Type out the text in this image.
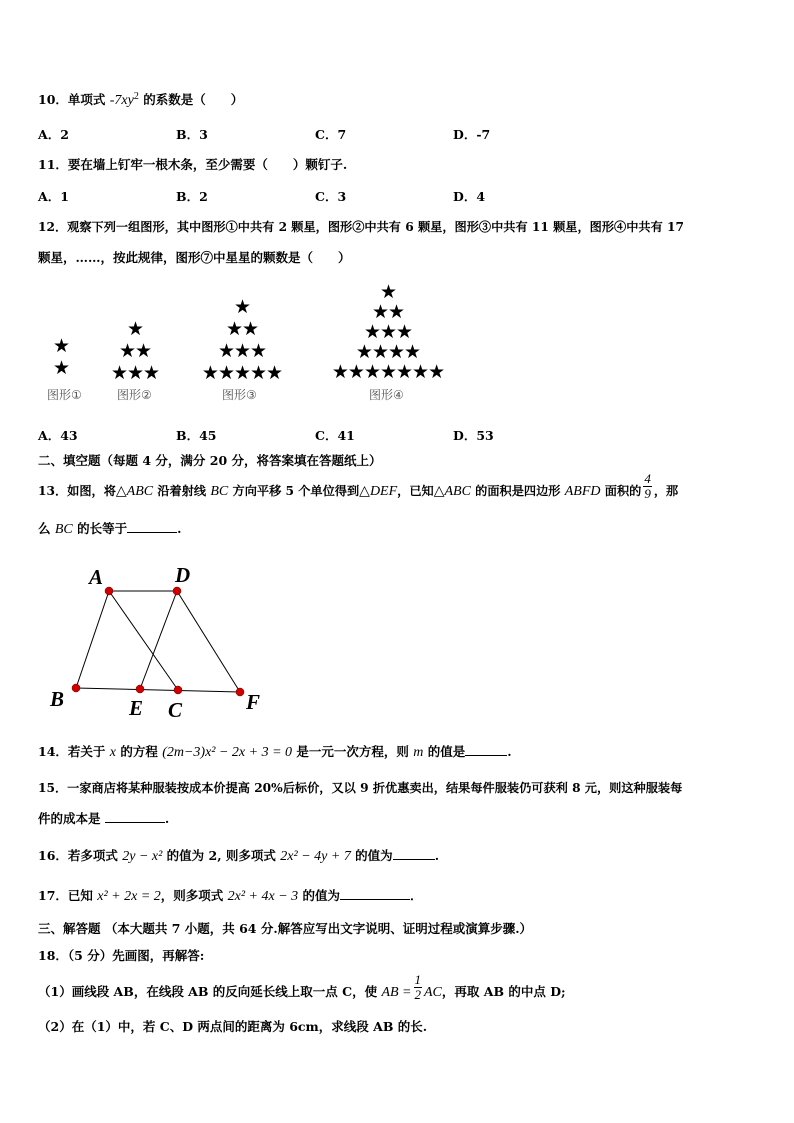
10．单项式 $-7xy^2$ 的系数是（　　）
A．2	B．3	C．7	D．-7
11．要在墙上钉牢一根木条，至少需要（　　）颗钉子.
A．1	B．2	C．3	D．4
12．观察下列一组图形，其中图形①中共有 2 颗星，图形②中共有 6 颗星，图形③中共有 11 颗星，图形④中共有 17
颗星，……，按此规律，图形⑦中星星的颗数是（　　）
★
★
图形①
★
★★
★★★
图形②
★
★★
★★★
★★★★★
图形③
★
★★
★★★
★★★★
★★★★★★★
图形④
A．43	B．45	C．41	D．53
二、填空题（每题 4 分，满分 20 分，将答案填在答题纸上）
13．如图，将△ABC 沿着射线 BC 方向平移 5 个单位得到△DEF，已知△ABC 的面积是四边形 ABFD 面积的 $\frac{4}{9}$ ，那
么 BC 的长等于	.
A	D
B	E C	F
14．若关于 x 的方程 (2m−3)x² − 2x + 3 = 0 是一元一次方程，则 m 的值是	.
15．一家商店将某种服装按成本价提高 20%后标价，又以 9 折优惠卖出，结果每件服装仍可获利 8 元，则这种服装每
件的成本是	.
16．若多项式 2y − x² 的值为 2, 则多项式 2x² − 4y + 7 的值为	.
17．已知 x² + 2x = 2，则多项式 2x² + 4x − 3 的值为	．
三、解答题 （本大题共 7 小题，共 64 分.解答应写出文字说明、证明过程或演算步骤.）
18．（5 分）先画图，再解答:
（1）画线段 AB，在线段 AB 的反向延长线上取一点 C，使 AB = $\frac{1}{2}$ AC，再取 AB 的中点 D;
（2）在（1）中，若 C、D 两点间的距离为 6cm，求线段 AB 的长.
